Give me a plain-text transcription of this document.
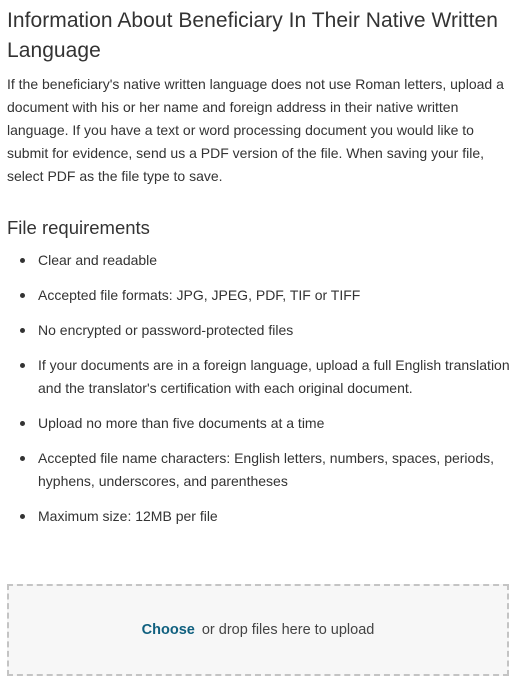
Information About Beneficiary In Their Native Written Language

If the beneficiary's native written language does not use Roman letters, upload a document with his or her name and foreign address in their native written language. If you have a text or word processing document you would like to submit for evidence, send us a PDF version of the file. When saving your file, select PDF as the file type to save.

File requirements
Clear and readable
Accepted file formats: JPG, JPEG, PDF, TIF or TIFF
No encrypted or password-protected files
If your documents are in a foreign language, upload a full English translation and the translator's certification with each original document.
Upload no more than five documents at a time
Accepted file name characters: English letters, numbers, spaces, periods, hyphens, underscores, and parentheses
Maximum size: 12MB per file
Choose or drop files here to upload
